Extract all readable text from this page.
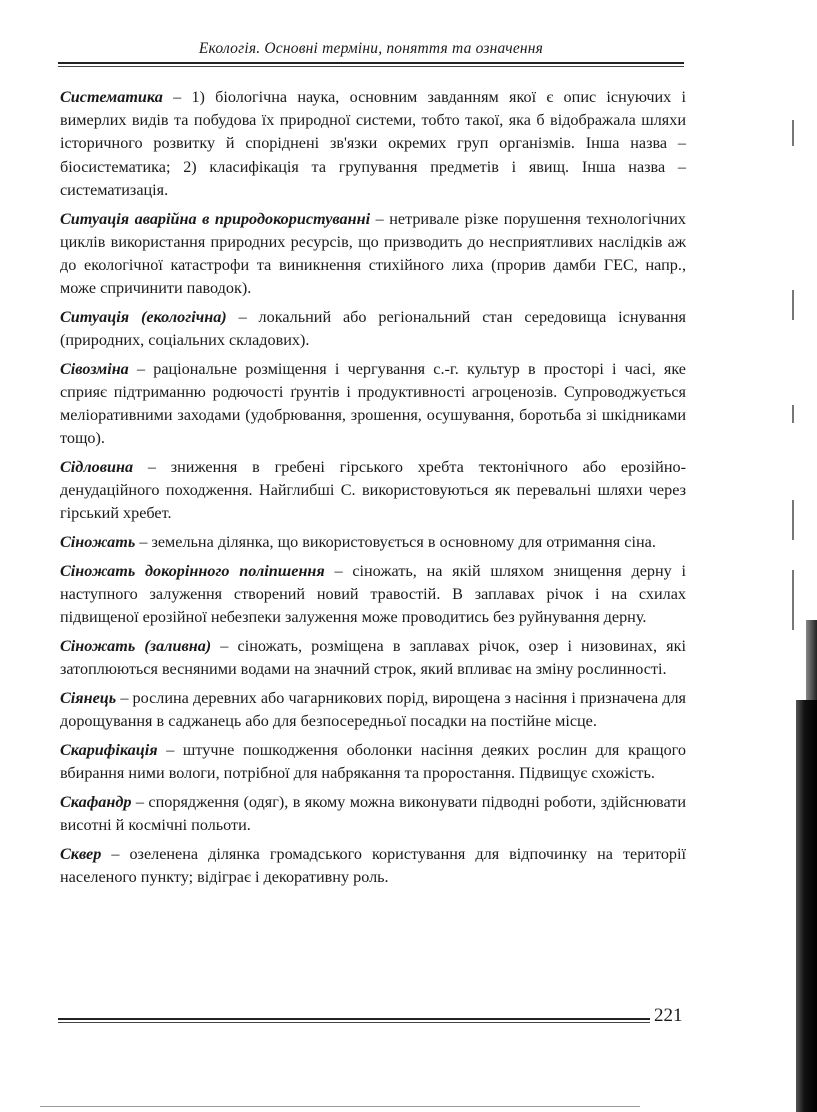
Екологія. Основні терміни, поняття та означення

Систематика – 1) біологічна наука, основним завданням якої є опис існуючих і вимерлих видів та побудова їх природної системи, тобто такої, яка б відображала шляхи історичного розвитку й споріднені зв'язки окремих груп організмів. Інша назва – біосистематика; 2) класифікація та групування предметів і явищ. Інша назва – систематизація.

Ситуація аварійна в природокористуванні – нетривале різке порушення технологічних циклів використання природних ресурсів, що призводить до несприятливих наслідків аж до екологічної катастрофи та виникнення стихійного лиха (прорив дамби ГЕС, напр., може спричинити паводок).

Ситуація (екологічна) – локальний або регіональний стан середовища існування (природних, соціальних складових).

Сівозміна – раціональне розміщення і чергування с.-г. культур в просторі і часі, яке сприяє підтриманню родючості ґрунтів і продуктивності агроценозів. Супроводжується меліоративними заходами (удобрювання, зрошення, осушування, боротьба зі шкідниками тощо).

Сідловина – зниження в гребені гірського хребта тектонічного або ерозійно-денудаційного походження. Найглибші С. використовуються як перевальні шляхи через гірський хребет.

Сіножать – земельна ділянка, що використовується в основному для отримання сіна.

Сіножать докорінного поліпшення – сіножать, на якій шляхом знищення дерну і наступного залуження створений новий травостій. В заплавах річок і на схилах підвищеної ерозійної небезпеки залуження може проводитись без руйнування дерну.

Сіножать (заливна) – сіножать, розміщена в заплавах річок, озер і низовинах, які затоплюються весняними водами на значний строк, який впливає на зміну рослинності.

Сіянець – рослина деревних або чагарникових порід, вирощена з насіння і призначена для дорощування в саджанець або для безпосередньої посадки на постійне місце.

Скарифікація – штучне пошкодження оболонки насіння деяких рослин для кращого вбирання ними вологи, потрібної для набрякання та проростання. Підвищує схожість.

Скафандр – спорядження (одяг), в якому можна виконувати підводні роботи, здійснювати висотні й космічні польоти.

Сквер – озеленена ділянка громадського користування для відпочинку на території населеного пункту; відіграє і декоративну роль.

221
